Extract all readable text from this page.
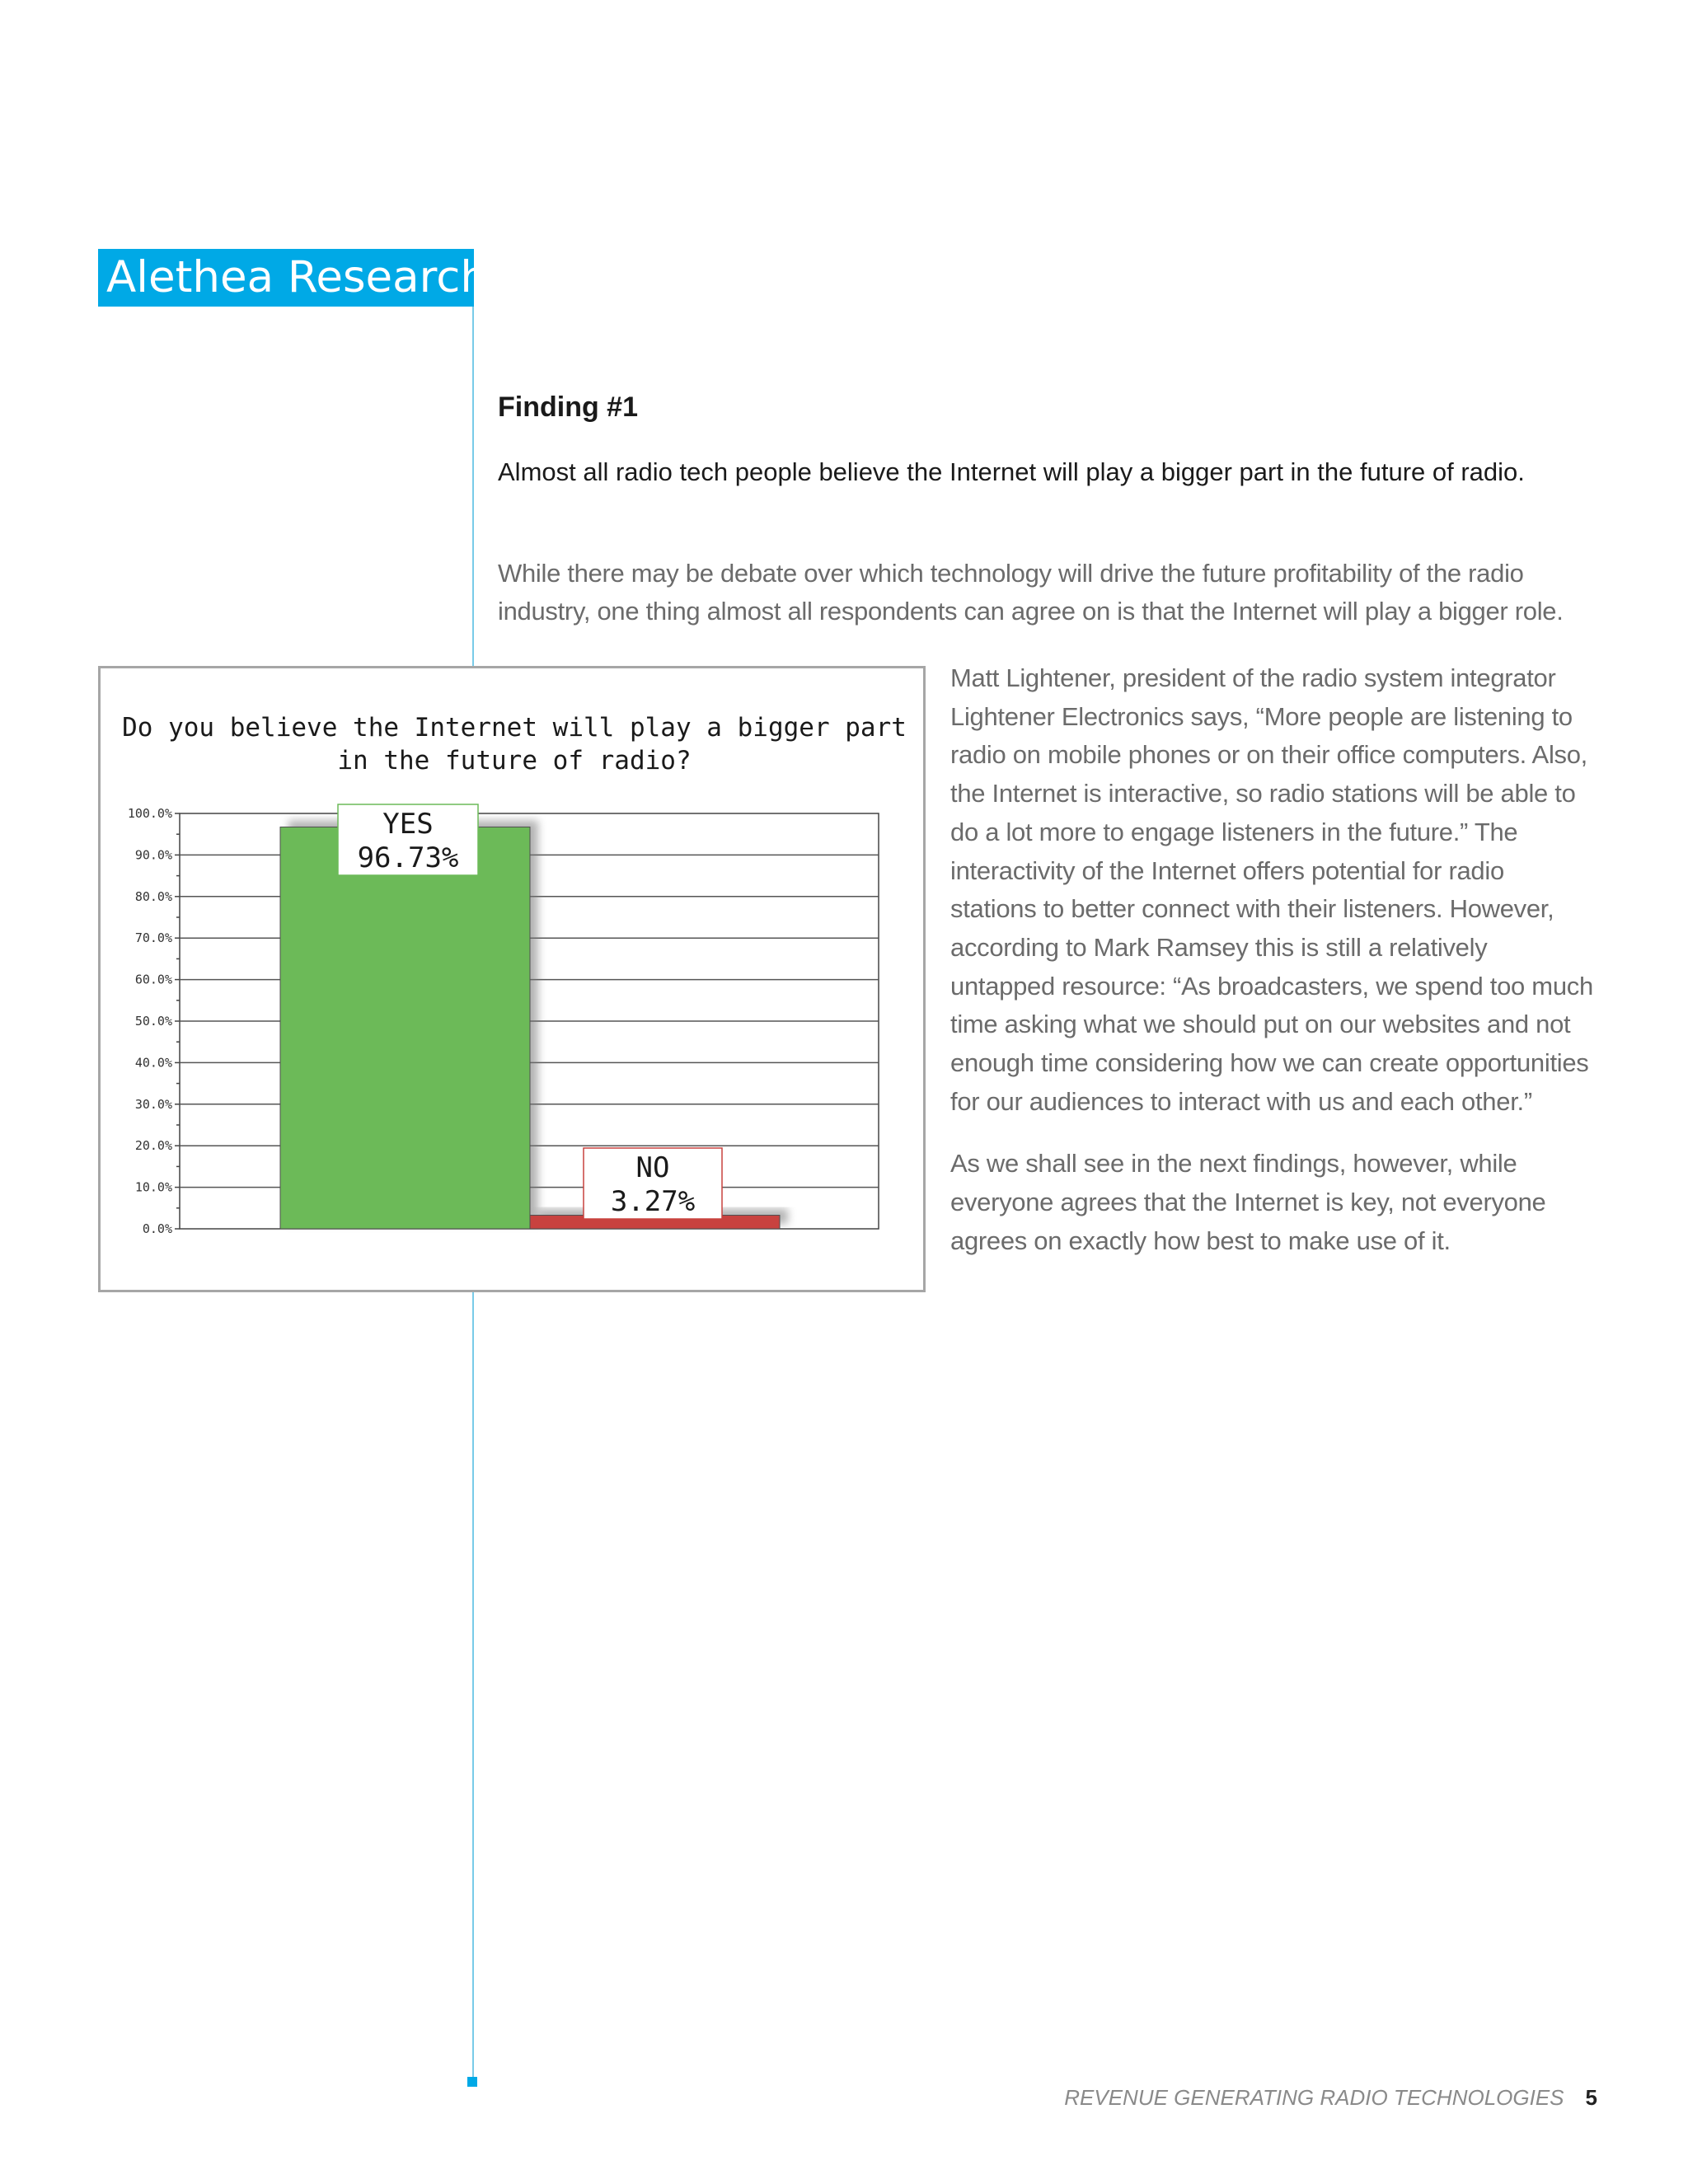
Alethea Research
Finding #1
Almost all radio tech people believe the Internet will play a bigger part in the future of radio.
While there may be debate over which technology will drive the future profitability of the radio industry, one thing almost all respondents can agree on is that the Internet will play a bigger role.
Do you believe the Internet will play a bigger part
in the future of radio?
0.0%
10.0%
20.0%
30.0%
40.0%
50.0%
60.0%
70.0%
80.0%
90.0%
100.0%	YES
96.73%
NO
3.27%

Matt Lightener, president of the radio system integrator Lightener Electronics says, “More people are listening to radio on mobile phones or on their office computers. Also, the Internet is interactive, so radio stations will be able to do a lot more to engage listeners in the future.” The interactivity of the Internet offers potential for radio stations to better connect with their listeners. However, according to Mark Ramsey this is still a relatively untapped resource: “As broadcasters, we spend too much time asking what we should put on our websites and not enough time considering how we can create opportunities for our audiences to interact with us and each other.”

As we shall see in the next findings, however, while everyone agrees that the Internet is key, not everyone agrees on exactly how best to make use of it.

REVENUE GENERATING RADIO TECHNOLOGIES 5
